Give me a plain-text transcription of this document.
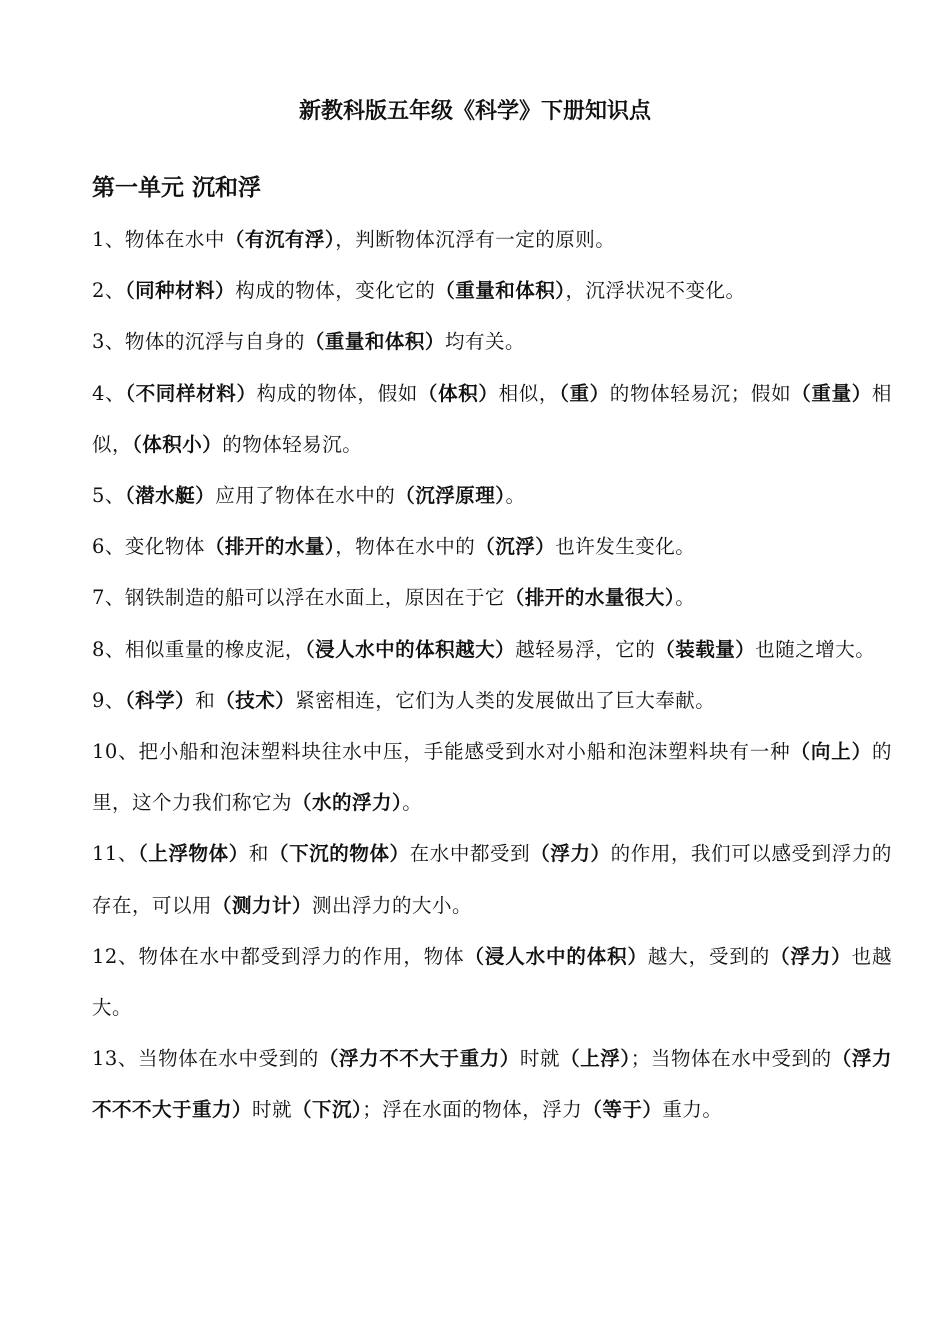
新教科版五年级《科学》下册知识点
第一单元 沉和浮

1、物体在水中（有沉有浮），判断物体沉浮有一定的原则。

2、（同种材料）构成的物体，变化它的（重量和体积），沉浮状况不变化。

3、物体的沉浮与自身的（重量和体积）均有关。

4、（不同样材料）构成的物体，假如（体积）相似，（重）的物体轻易沉；假如（重量）相似，（体积小）的物体轻易沉。

5、（潜水艇）应用了物体在水中的（沉浮原理）。

6、变化物体（排开的水量），物体在水中的（沉浮）也许发生变化。

7、钢铁制造的船可以浮在水面上，原因在于它（排开的水量很大）。

8、相似重量的橡皮泥，（浸人水中的体积越大）越轻易浮，它的（装载量）也随之增大。

9、（科学）和（技术）紧密相连，它们为人类的发展做出了巨大奉献。

10、把小船和泡沫塑料块往水中压，手能感受到水对小船和泡沫塑料块有一种（向上）的里，这个力我们称它为（水的浮力）。

11、（上浮物体）和（下沉的物体）在水中都受到（浮力）的作用，我们可以感受到浮力的存在，可以用（测力计）测出浮力的大小。

12、物体在水中都受到浮力的作用，物体（浸人水中的体积）越大，受到的（浮力）也越大。

13、当物体在水中受到的（浮力不不大于重力）时就（上浮）；当物体在水中受到的（浮力不不不大于重力）时就（下沉）；浮在水面的物体，浮力（等于）重力。
